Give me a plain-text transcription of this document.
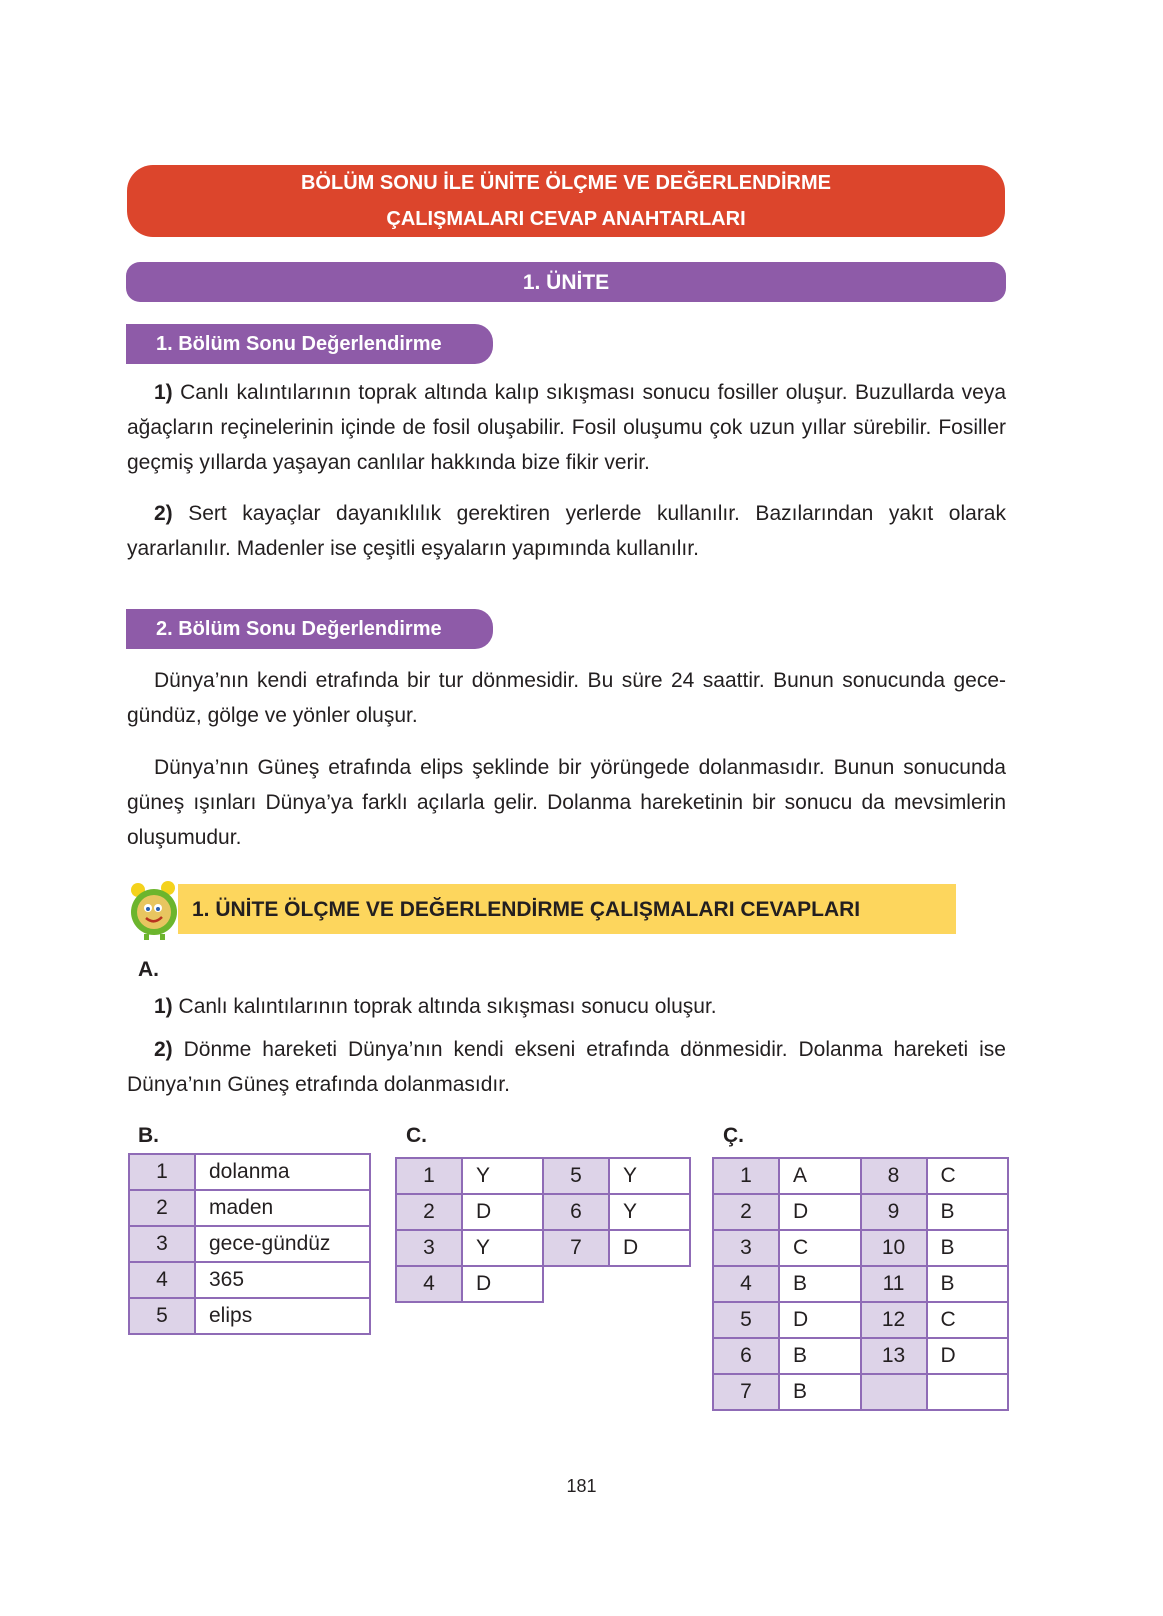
BÖLÜM SONU İLE ÜNİTE ÖLÇME VE DEĞERLENDİRME
ÇALIŞMALARI CEVAP ANAHTARLARI
1. ÜNİTE
1. Bölüm Sonu Değerlendirme

1) Canlı kalıntılarının toprak altında kalıp sıkışması sonucu fosiller oluşur. Buzullarda veya ağaçların reçinelerinin içinde de fosil oluşabilir. Fosil oluşumu çok uzun yıllar sürebilir. Fosiller geçmiş yıllarda yaşayan canlılar hakkında bize fikir verir.

2) Sert kayaçlar dayanıklılık gerektiren yerlerde kullanılır. Bazılarından yakıt olarak yararlanılır. Madenler ise çeşitli eşyaların yapımında kullanılır.

2. Bölüm Sonu Değerlendirme

Dünya’nın kendi etrafında bir tur dönmesidir. Bu süre 24 saattir. Bunun sonucunda gece-gündüz, gölge ve yönler oluşur.

Dünya’nın Güneş etrafında elips şeklinde bir yörüngede dolanmasıdır. Bunun sonucunda güneş ışınları Dünya’ya farklı açılarla gelir. Dolanma hareketinin bir sonucu da mevsimlerin oluşumudur.

1. ÜNİTE ÖLÇME VE DEĞERLENDİRME ÇALIŞMALARI CEVAPLARI
A.

1) Canlı kalıntılarının toprak altında sıkışması sonucu oluşur.

2) Dönme hareketi Dünya’nın kendi ekseni etrafında dönmesidir. Dolanma hareketi ise Dünya’nın Güneş etrafında dolanmasıdır.

B.	C.	Ç.
1	dolanma
2	maden
3	gece-gündüz
4	365
5	elips
1	Y	5	Y
2	D	6	Y
3	Y	7	D
4	D		
1	A	8	C
2	D	9	B
3	C	10	B
4	B	11	B
5	D	12	C
6	B	13	D
7	B		
181
